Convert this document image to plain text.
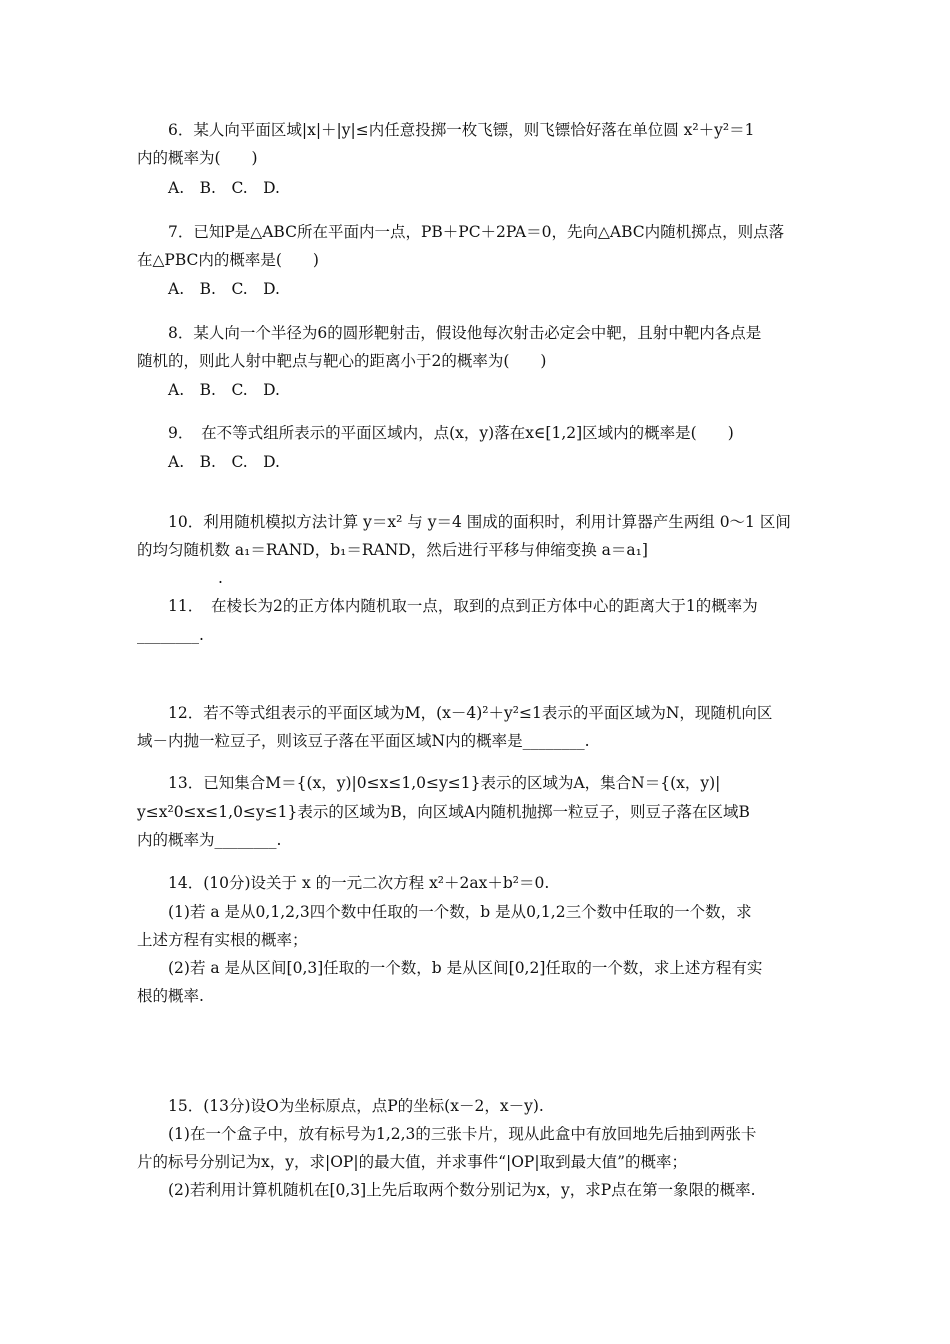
6．某人向平面区域|x|＋|y|≤内任意投掷一枚飞镖，则飞镖恰好落在单位圆 x²＋y²＝1
内的概率为(　　)
A.　B.　C.　D.
7．已知P是△ABC所在平面内一点，PB＋PC＋2PA＝0，先向△ABC内随机掷点，则点落
在△PBC内的概率是(　　)
A.　B.　C.　D.
8．某人向一个半径为6的圆形靶射击，假设他每次射击必定会中靶，且射中靶内各点是
随机的，则此人射中靶点与靶心的距离小于2的概率为(　　)
A.　B.　C.　D.
9．　在不等式组所表示的平面区域内，点(x，y)落在x∈[1,2]区域内的概率是(　　)
A.　B.　C.　D.
10．利用随机模拟方法计算 y＝x² 与 y＝4 围成的面积时，利用计算器产生两组 0～1 区间
的均匀随机数 a₁＝RAND，b₁＝RAND，然后进行平移与伸缩变换 a＝a₁]
.
11．　在棱长为2的正方体内随机取一点，取到的点到正方体中心的距离大于1的概率为
________.
12．若不等式组表示的平面区域为M，(x－4)²＋y²≤1表示的平面区域为N，现随机向区
域－内抛一粒豆子，则该豆子落在平面区域N内的概率是________.
13．已知集合M＝{(x，y)|0≤x≤1,0≤y≤1}表示的区域为A，集合N＝{(x，y)|
y≤x²0≤x≤1,0≤y≤1}表示的区域为B，向区域A内随机抛掷一粒豆子，则豆子落在区域B
内的概率为________.
14．(10分)设关于 x 的一元二次方程 x²＋2ax＋b²＝0.
(1)若 a 是从0,1,2,3四个数中任取的一个数，b 是从0,1,2三个数中任取的一个数，求
上述方程有实根的概率；
(2)若 a 是从区间[0,3]任取的一个数，b 是从区间[0,2]任取的一个数，求上述方程有实
根的概率.
15．(13分)设O为坐标原点，点P的坐标(x－2，x－y).
(1)在一个盒子中，放有标号为1,2,3的三张卡片，现从此盒中有放回地先后抽到两张卡
片的标号分别记为x，y，求|OP|的最大值，并求事件“|OP|取到最大值”的概率；
(2)若利用计算机随机在[0,3]上先后取两个数分别记为x，y，求P点在第一象限的概率.
